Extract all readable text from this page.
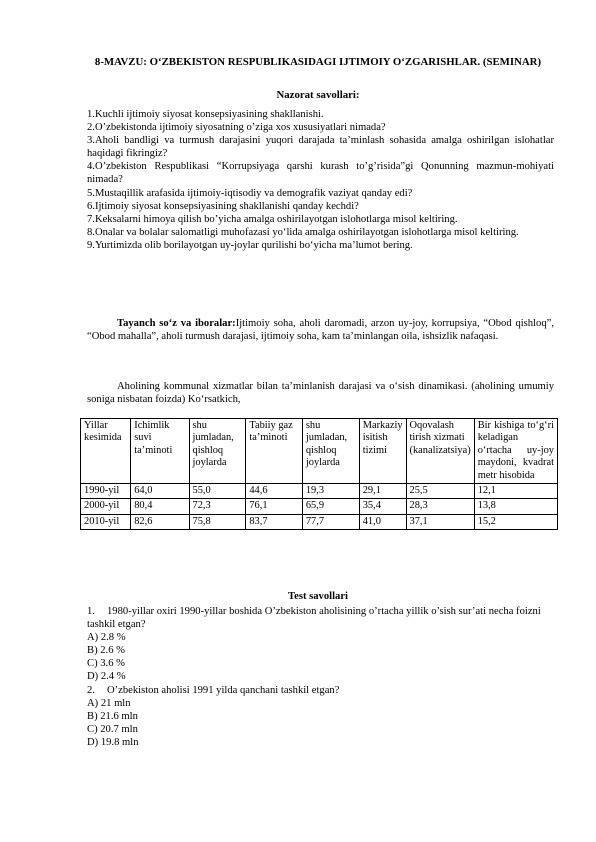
8-MAVZU: O‘ZBEKISTON RESPUBLIKASIDAGI IJTIMOIY O‘ZGARISHLAR. (SEMINAR)
Nazorat savollari:

1.Kuchli ijtimoiy siyosat konsepsiyasining shakllanishi.

2.O’zbekistonda ijtimoiy siyosatning o’ziga xos xususiyatlari nimada?

3.Aholi bandligi va turmush darajasini yuqori darajada ta’minlash sohasida amalga oshirilgan islohatlar haqidagi fikringiz?

4.O’zbekiston Respublikasi “Korrupsiyaga qarshi kurash to’g’risida”gi Qonunning mazmun-mohiyati nimada?

5.Mustaqillik arafasida ijtimoiy-iqtisodiy va demografik vaziyat qanday edi?

6.Ijtimoiy siyosat konsepsiyasining shakllanishi qanday kechdi?

7.Keksalarni himoya qilish bo’yicha amalga oshirilayotgan islohotlarga misol keltiring.

8.Onalar va bolalar salomatligi muhofazasi yo‘lida amalga oshirilayotgan islohotlarga misol keltiring.

9.Yurtimizda olib borilayotgan uy-joylar qurilishi bo‘yicha ma’lumot bering.

Tayanch so‘z va iboralar:Ijtimoiy soha, aholi daromadi, arzon uy-joy, korrupsiya, “Obod qishloq”, “Obod mahalla”, aholi turmush darajasi, ijtimoiy soha, kam ta’minlangan oila, ishsizlik nafaqasi.

Aholining kommunal xizmatlar bilan ta’minlanish darajasi va o‘sish dinamikasi. (aholining umumiy soniga nisbatan foizda) Ko‘rsatkich,

Yillar kesimida	Ichimlik suvi ta’minoti	shu jumladan, qishloq joylarda	Tabiiy gaz ta’minoti	shu jumladan, qishloq joylarda	Markaziy isitish tizimi	Oqovalash tirish xizmati (kanalizatsiya)	Bir kishiga to‘g‘ri keladigan o‘rtacha uy-joy maydoni, kvadrat metr hisobida
1990-yil	64,0	55,0	44,6	19,3	29,1	25,5	12,1
2000-yil	80,4	72,3	76,1	65,9	35,4	28,3	13,8
2010-yil	82,6	75,8	83,7	77,7	41,0	37,1	15,2
Test savollari

1. 1980-yillar oxiri 1990-yillar boshida O’zbekiston aholisining o’rtacha yillik o’sish sur’ati necha foizni tashkil etgan?

A) 2.8 %

B) 2.6 %

C) 3.6 %

D) 2.4 %

2. O’zbekiston aholisi 1991 yilda qanchani tashkil etgan?

A) 21 mln

B) 21.6 mln

C) 20.7 mln

D) 19.8 mln
